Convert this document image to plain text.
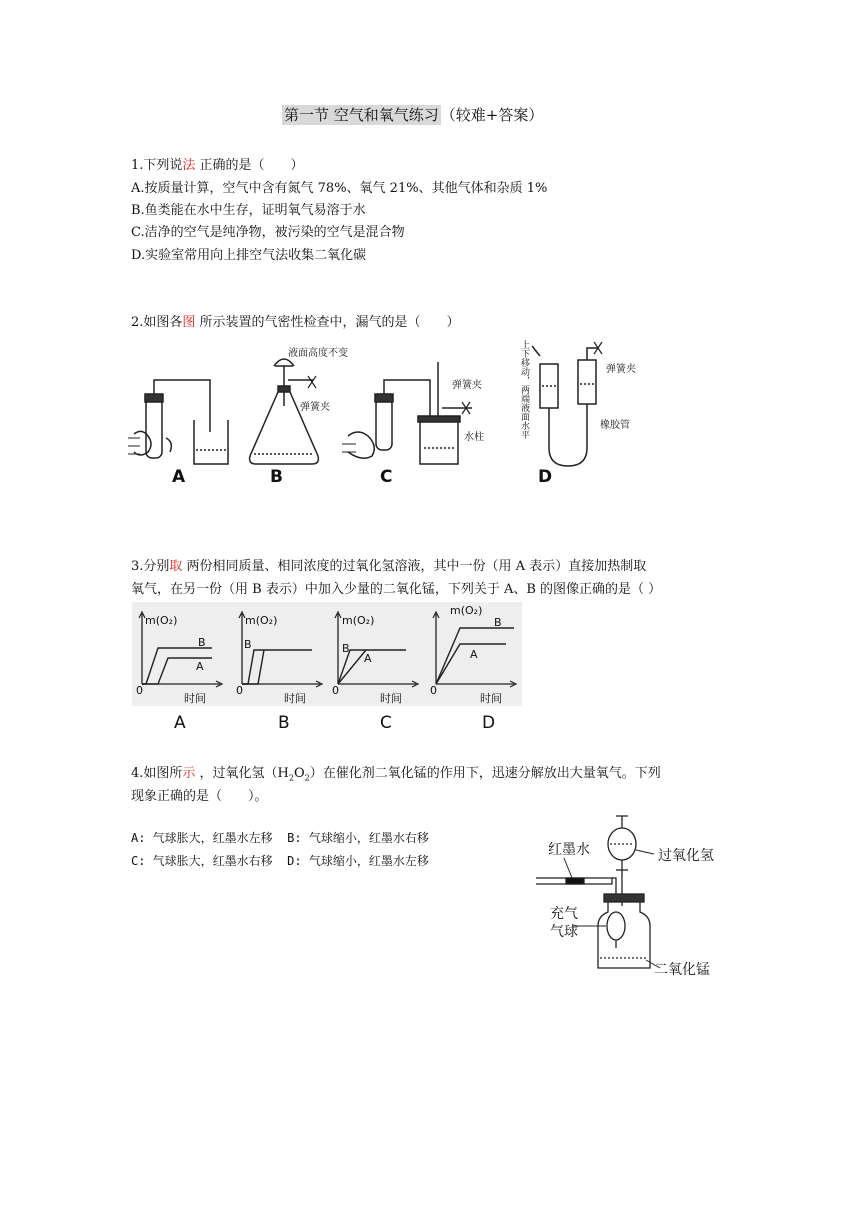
第一节 空气和氧气练习 （较难+答案）
1.下列说法 正确的是（　　）
A.按质量计算，空气中含有氮气 78%、氧气 21%、其他气体和杂质 1%
B.鱼类能在水中生存，证明氧气易溶于水
C.洁净的空气是纯净物，被污染的空气是混合物
D.实验室常用向上排空气法收集二氧化碳
2.如图各图 所示装置的气密性检查中，漏气的是（　　）
液面高度不变
弹簧夹
弹簧夹
水柱
弹簧夹
橡胶管
上下移动，两端液面水平
A	B	C	D
3.分别取 两份相同质量、相同浓度的过氧化氢溶液，其中一份（用 A 表示）直接加热制取
氧气，在另一份（用 B 表示）中加入少量的二氧化锰，下列关于 A、B 的图像正确的是（ ）
m(O₂)	m(O₂)	m(O₂)
m(O₂)
时间	时间	时间	时间
0	0	0	0
B
A
B	B
A
B
A
A	B	C	D
4.如图所示 ，过氧化氢$(H_2O_2)$在催化剂二氧化锰的作用下，迅速分解放出大量氧气。下列
现象正确的是（　　）。
A: 气球胀大，红墨水左移 B: 气球缩小，红墨水右移
C: 气球胀大，红墨水右移 D: 气球缩小，红墨水左移
红墨水	过氧化氢
充气
气球
二氧化锰
